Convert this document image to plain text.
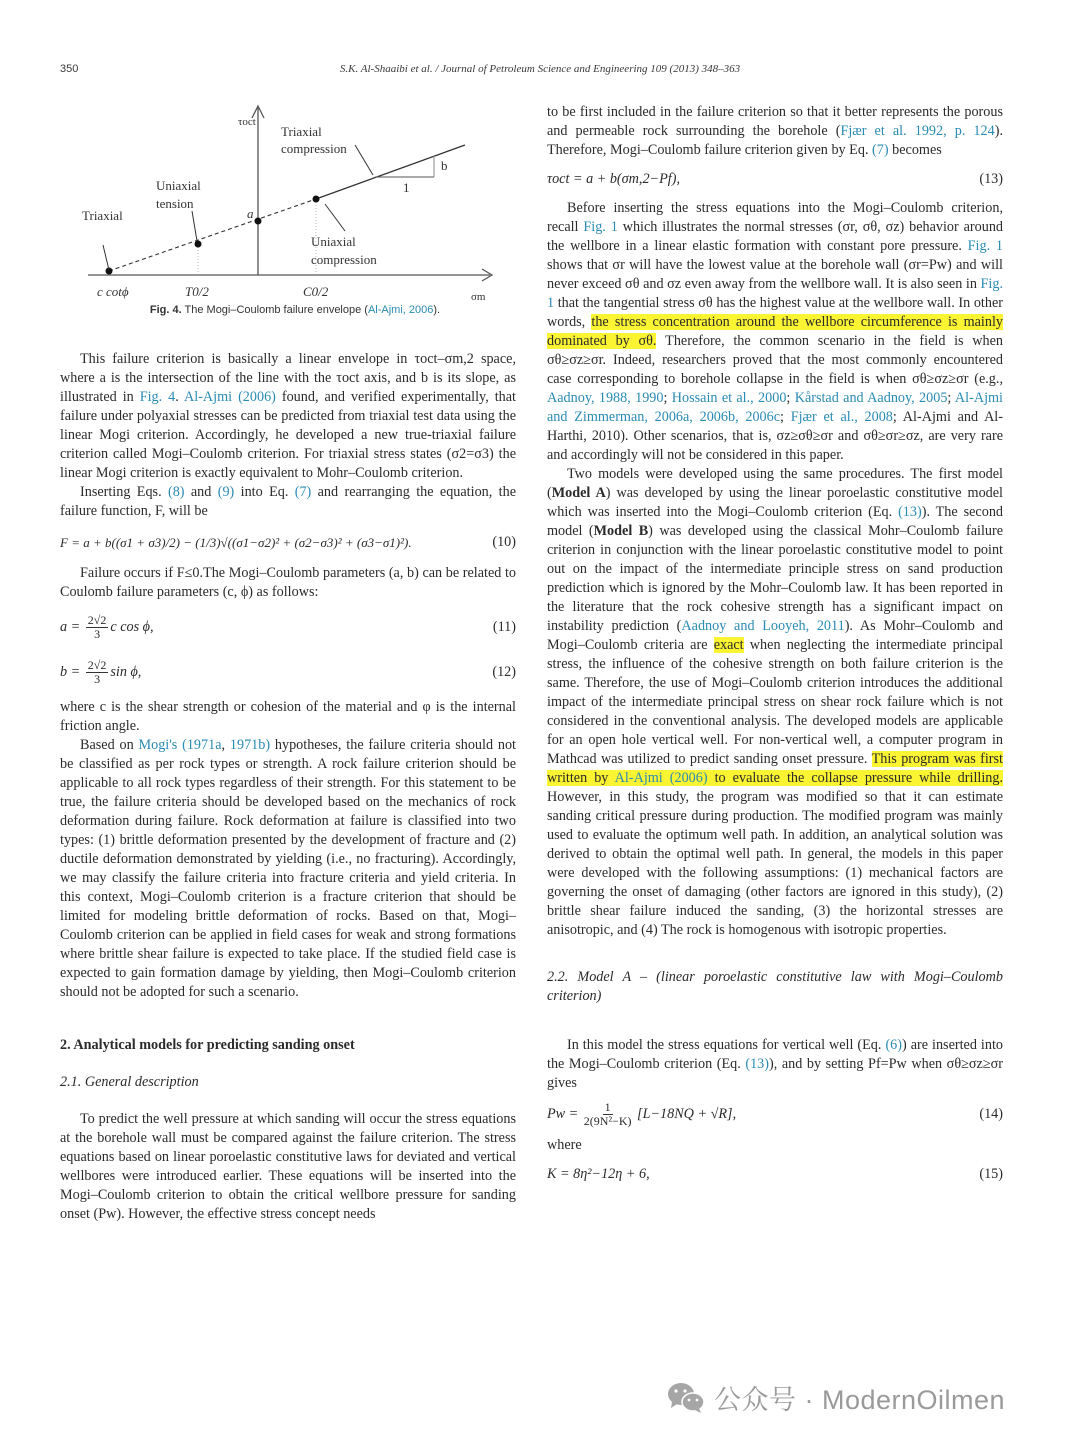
350	S.K. Al-Shaaibi et al. / Journal of Petroleum Science and Engineering 109 (2013) 348–363
τoct
Triaxial
Uniaxial
tension
a
Triaxial
compression
Uniaxial
compression
b
1
c cotϕ	T0/2	C0/2	σm
Fig. 4. The Mogi–Coulomb failure envelope (Al-Ajmi, 2006).

This failure criterion is basically a linear envelope in τoct–σm,2 space, where a is the intersection of the line with the τoct axis, and b is its slope, as illustrated in Fig. 4. Al-Ajmi (2006) found, and verified experimentally, that failure under polyaxial stresses can be predicted from triaxial test data using the linear Mogi criterion. Accordingly, he developed a new true-triaxial failure criterion called Mogi–Coulomb criterion. For triaxial stress states (σ2=σ3) the linear Mogi criterion is exactly equivalent to Mohr–Coulomb criterion.

Inserting Eqs. (8) and (9) into Eq. (7) and rearranging the equation, the failure function, F, will be

F = a + b((σ1 + σ3)/2) − (1/3)√((σ1−σ2)² + (σ2−σ3)² + (σ3−σ1)²).	(10)

Failure occurs if F≤0.The Mogi–Coulomb parameters (a, b) can be related to Coulomb failure parameters (c, ϕ) as follows:

$a = \frac{2√2}{3}$ c cos ϕ,	(11)
$b = \frac{2√2}{3}$ sin ϕ,	(12)

where c is the shear strength or cohesion of the material and φ is the internal friction angle.

Based on Mogi's (1971a, 1971b) hypotheses, the failure criteria should not be classified as per rock types or strength. A rock failure criterion should be applicable to all rock types regardless of their strength. For this statement to be true, the failure criteria should be developed based on the mechanics of rock deformation during failure. Rock deformation at failure is classified into two types: (1) brittle deformation presented by the development of fracture and (2) ductile deformation demonstrated by yielding (i.e., no fracturing). Accordingly, we may classify the failure criteria into fracture criteria and yield criteria. In this context, Mogi–Coulomb criterion is a fracture criterion that should be limited for modeling brittle deformation of rocks. Based on that, Mogi–Coulomb criterion can be applied in field cases for weak and strong formations where brittle shear failure is expected to take place. If the studied field case is expected to gain formation damage by yielding, then Mogi–Coulomb criterion should not be adopted for such a scenario.

2. Analytical models for predicting sanding onset
2.1. General description

To predict the well pressure at which sanding will occur the stress equations at the borehole wall must be compared against the failure criterion. The stress equations based on linear poroelastic constitutive laws for deviated and vertical wellbores were introduced earlier. These equations will be inserted into the Mogi–Coulomb criterion to obtain the critical wellbore pressure for sanding onset (Pw). However, the effective stress concept needs

to be first included in the failure criterion so that it better represents the porous and permeable rock surrounding the borehole (Fjær et al. 1992, p. 124). Therefore, Mogi–Coulomb failure criterion given by Eq. (7) becomes

τoct = a + b(σm,2−Pf),	(13)

Before inserting the stress equations into the Mogi–Coulomb criterion, recall Fig. 1 which illustrates the normal stresses (σr, σθ, σz) behavior around the wellbore in a linear elastic formation with constant pore pressure. Fig. 1 shows that σr will have the lowest value at the borehole wall (σr=Pw) and will never exceed σθ and σz even away from the wellbore wall. It is also seen in Fig. 1 that the tangential stress σθ has the highest value at the wellbore wall. In other words, the stress concentration around the wellbore circumference is mainly dominated by σθ. Therefore, the common scenario in the field is when σθ≥σz≥σr. Indeed, researchers proved that the most commonly encountered case corresponding to borehole collapse in the field is when σθ≥σz≥σr (e.g., Aadnoy, 1988, 1990; Hossain et al., 2000; Kårstad and Aadnoy, 2005; Al-Ajmi and Zimmerman, 2006a, 2006b, 2006c; Fjær et al., 2008; Al-Ajmi and Al-Harthi, 2010). Other scenarios, that is, σz≥σθ≥σr and σθ≥σr≥σz, are very rare and accordingly will not be considered in this paper.

Two models were developed using the same procedures. The first model (Model A) was developed by using the linear poroelastic constitutive model which was inserted into the Mogi–Coulomb criterion (Eq. (13)). The second model (Model B) was developed using the classical Mohr–Coulomb failure criterion in conjunction with the linear poroelastic constitutive model to point out on the impact of the intermediate principle stress on sand production prediction which is ignored by the Mohr–Coulomb law. It has been reported in the literature that the rock cohesive strength has a significant impact on instability prediction (Aadnoy and Looyeh, 2011). As Mohr–Coulomb and Mogi–Coulomb criteria are exact when neglecting the intermediate principal stress, the influence of the cohesive strength on both failure criterion is the same. Therefore, the use of Mogi–Coulomb criterion introduces the additional impact of the intermediate principal stress on shear rock failure which is not considered in the conventional analysis. The developed models are applicable for an open hole vertical well. For non-vertical well, a computer program in Mathcad was utilized to predict sanding onset pressure. This program was first written by Al-Ajmi (2006) to evaluate the collapse pressure while drilling. However, in this study, the program was modified so that it can estimate sanding critical pressure during production. The modified program was mainly used to evaluate the optimum well path. In addition, an analytical solution was derived to obtain the optimal well path. In general, the models in this paper were developed with the following assumptions: (1) mechanical factors are governing the onset of damaging (other factors are ignored in this study), (2) brittle shear failure induced the sanding, (3) the horizontal stresses are anisotropic, and (4) The rock is homogenous with isotropic properties.

2.2. Model A – (linear poroelastic constitutive law with Mogi–Coulomb criterion)

In this model the stress equations for vertical well (Eq. (6)) are inserted into the Mogi–Coulomb criterion (Eq. (13)), and by setting Pf=Pw when σθ≥σz≥σr gives

$Pw = \frac{1}{\text{2(9N²−K)}} [L-18NQ + √R]$,	(14)

where

K = 8η²−12η + 6,	(15)
公众号 · ModernOilmen
